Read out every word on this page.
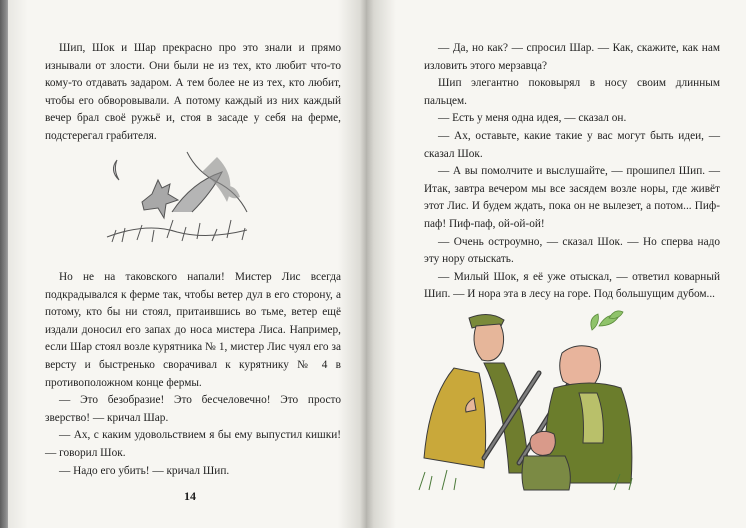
Шип, Шок и Шар прекрасно про это знали и прямо изнывали от злости. Они были не из тех, кто любит что-то кому-то отдавать задаром. А тем более не из тех, кто любит, чтобы его обворовывали. А потому каждый из них каждый вечер брал своё ружьё и, стоя в засаде у себя на ферме, подстерегал грабителя.

Но не на таковского напали! Мистер Лис всегда подкрадывался к ферме так, чтобы ветер дул в его сторону, а потому, кто бы ни стоял, притаившись во тьме, ветер ещё издали доносил его запах до носа мистера Лиса. Например, если Шар стоял возле курятника № 1, мистер Лис чуял его за версту и быстренько сворачивал к курятнику № 4 в противоположном конце фермы.

— Это безобразие! Это бесчеловечно! Это просто зверство! — кричал Шар.

— Ах, с каким удовольствием я бы ему выпустил кишки! — говорил Шок.

— Надо его убить! — кричал Шип.

14

— Да, но как? — спросил Шар. — Как, скажите, как нам изловить этого мерзавца?

Шип элегантно поковырял в носу своим длинным пальцем.

— Есть у меня одна идея, — сказал он.

— Ах, оставьте, какие такие у вас могут быть идеи, — сказал Шок.

— А вы помолчите и выслушайте, — прошипел Шип. — Итак, завтра вечером мы все засядем возле норы, где живёт этот Лис. И будем ждать, пока он не вылезет, а потом... Пиф-паф! Пиф-паф, ой-ой-ой!

— Очень остроумно, — сказал Шок. — Но сперва надо эту нору отыскать.

— Милый Шок, я её уже отыскал, — ответил коварный Шип. — И нора эта в лесу на горе. Под большущим дубом...
